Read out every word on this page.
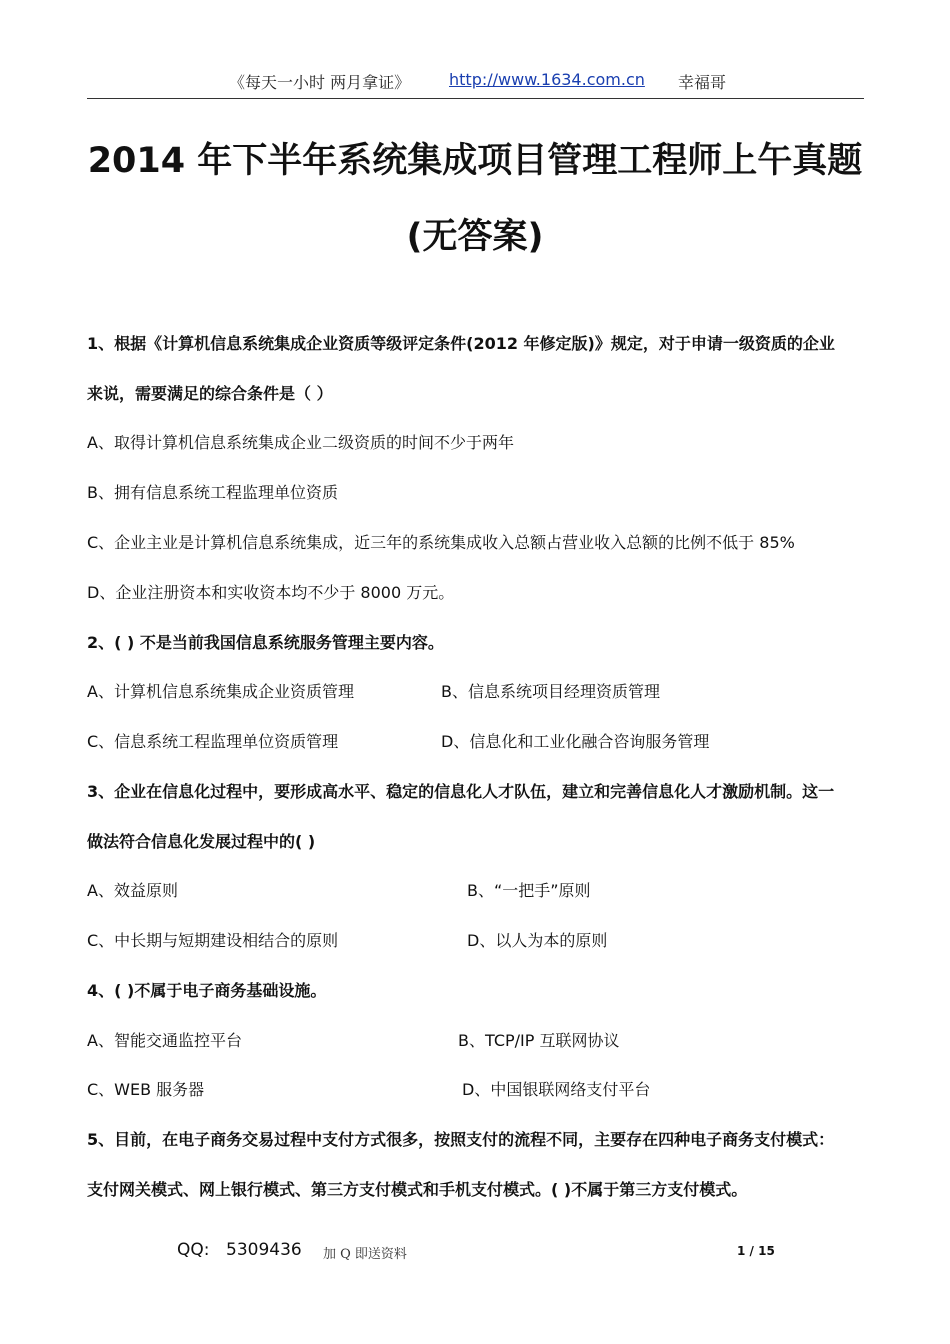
《每天一小时 两月拿证》 http://www.1634.com.cn 幸福哥
2014 年下半年系统集成项目管理工程师上午真题
(无答案)
1、根据《计算机信息系统集成企业资质等级评定条件(2012 年修定版)》规定，对于申请一级资质的企业
来说，需要满足的综合条件是（ ）
A、取得计算机信息系统集成企业二级资质的时间不少于两年
B、拥有信息系统工程监理单位资质
C、企业主业是计算机信息系统集成，近三年的系统集成收入总额占营业收入总额的比例不低于 85%
D、企业注册资本和实收资本均不少于 8000 万元。
2、( ) 不是当前我国信息系统服务管理主要内容。
A、计算机信息系统集成企业资质管理	B、信息系统项目经理资质管理
C、信息系统工程监理单位资质管理	D、信息化和工业化融合咨询服务管理
3、企业在信息化过程中，要形成高水平、稳定的信息化人才队伍，建立和完善信息化人才激励机制。这一
做法符合信息化发展过程中的( )
A、效益原则	B、“一把手”原则
C、中长期与短期建设相结合的原则	D、以人为本的原则
4、( )不属于电子商务基础设施。
A、智能交通监控平台	B、TCP/IP 互联网协议
C、WEB 服务器	D、中国银联网络支付平台
5、目前，在电子商务交易过程中支付方式很多，按照支付的流程不同，主要存在四种电子商务支付模式：
支付网关模式、网上银行模式、第三方支付模式和手机支付模式。( )不属于第三方支付模式。
QQ: 5309436 加 Q 即送资料	1 / 15
